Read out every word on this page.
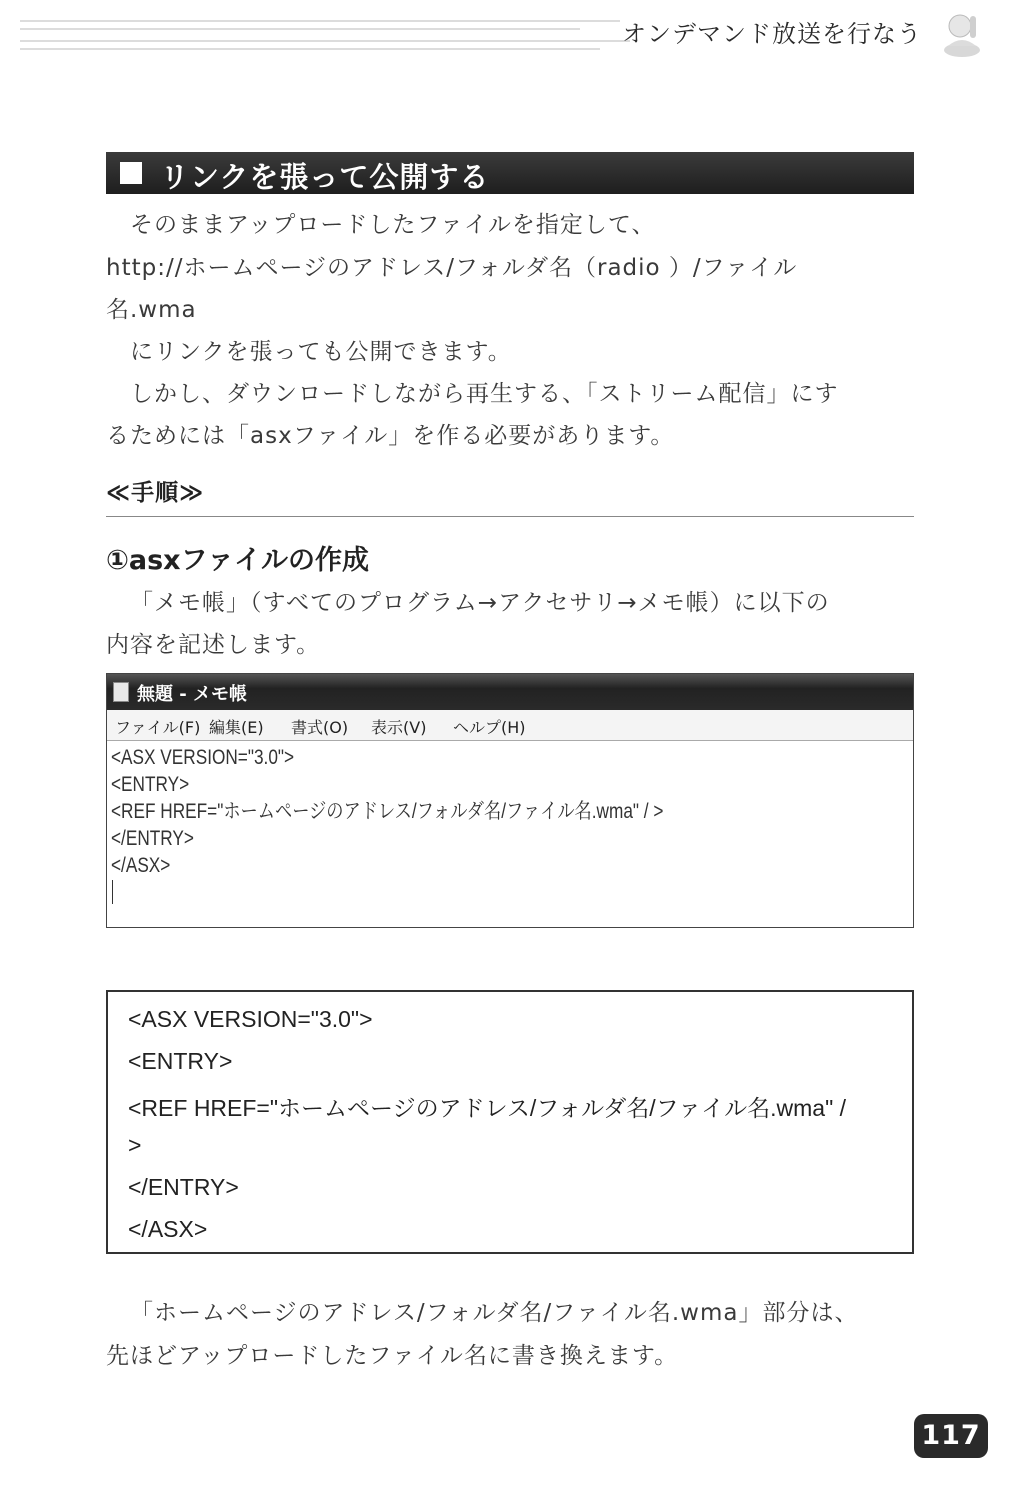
オンデマンド放送を行なう
リンクを張って公開する
そのままアップロードしたファイルを指定して、
http://ホームページのアドレス/フォルダ名（radio ）/ファイル
名.wma
にリンクを張っても公開できます。
しかし、ダウンロードしながら再生する、「ストリーム配信」にす
るためには「asxファイル」を作る必要があります。
≪手順≫
①asxファイルの作成
「メモ帳」（すべてのプログラム→アクセサリ→メモ帳）に以下の
内容を記述します。
無題 - メモ帳
ファイル(F) 編集(E) 書式(O) 表示(V) ヘルプ(H)
<ASX VERSION="3.0">
<ENTRY>
<REF HREF="ホームページのアドレス/フォルダ名/ファイル名.wma" / >
</ENTRY>
</ASX>
<ASX VERSION="3.0">
<ENTRY>
<REF HREF="ホームページのアドレス/フォルダ名/ファイル名.wma" /
>
</ENTRY>
</ASX>
「ホームページのアドレス/フォルダ名/ファイル名.wma」部分は、
先ほどアップロードしたファイル名に書き換えます。
117
